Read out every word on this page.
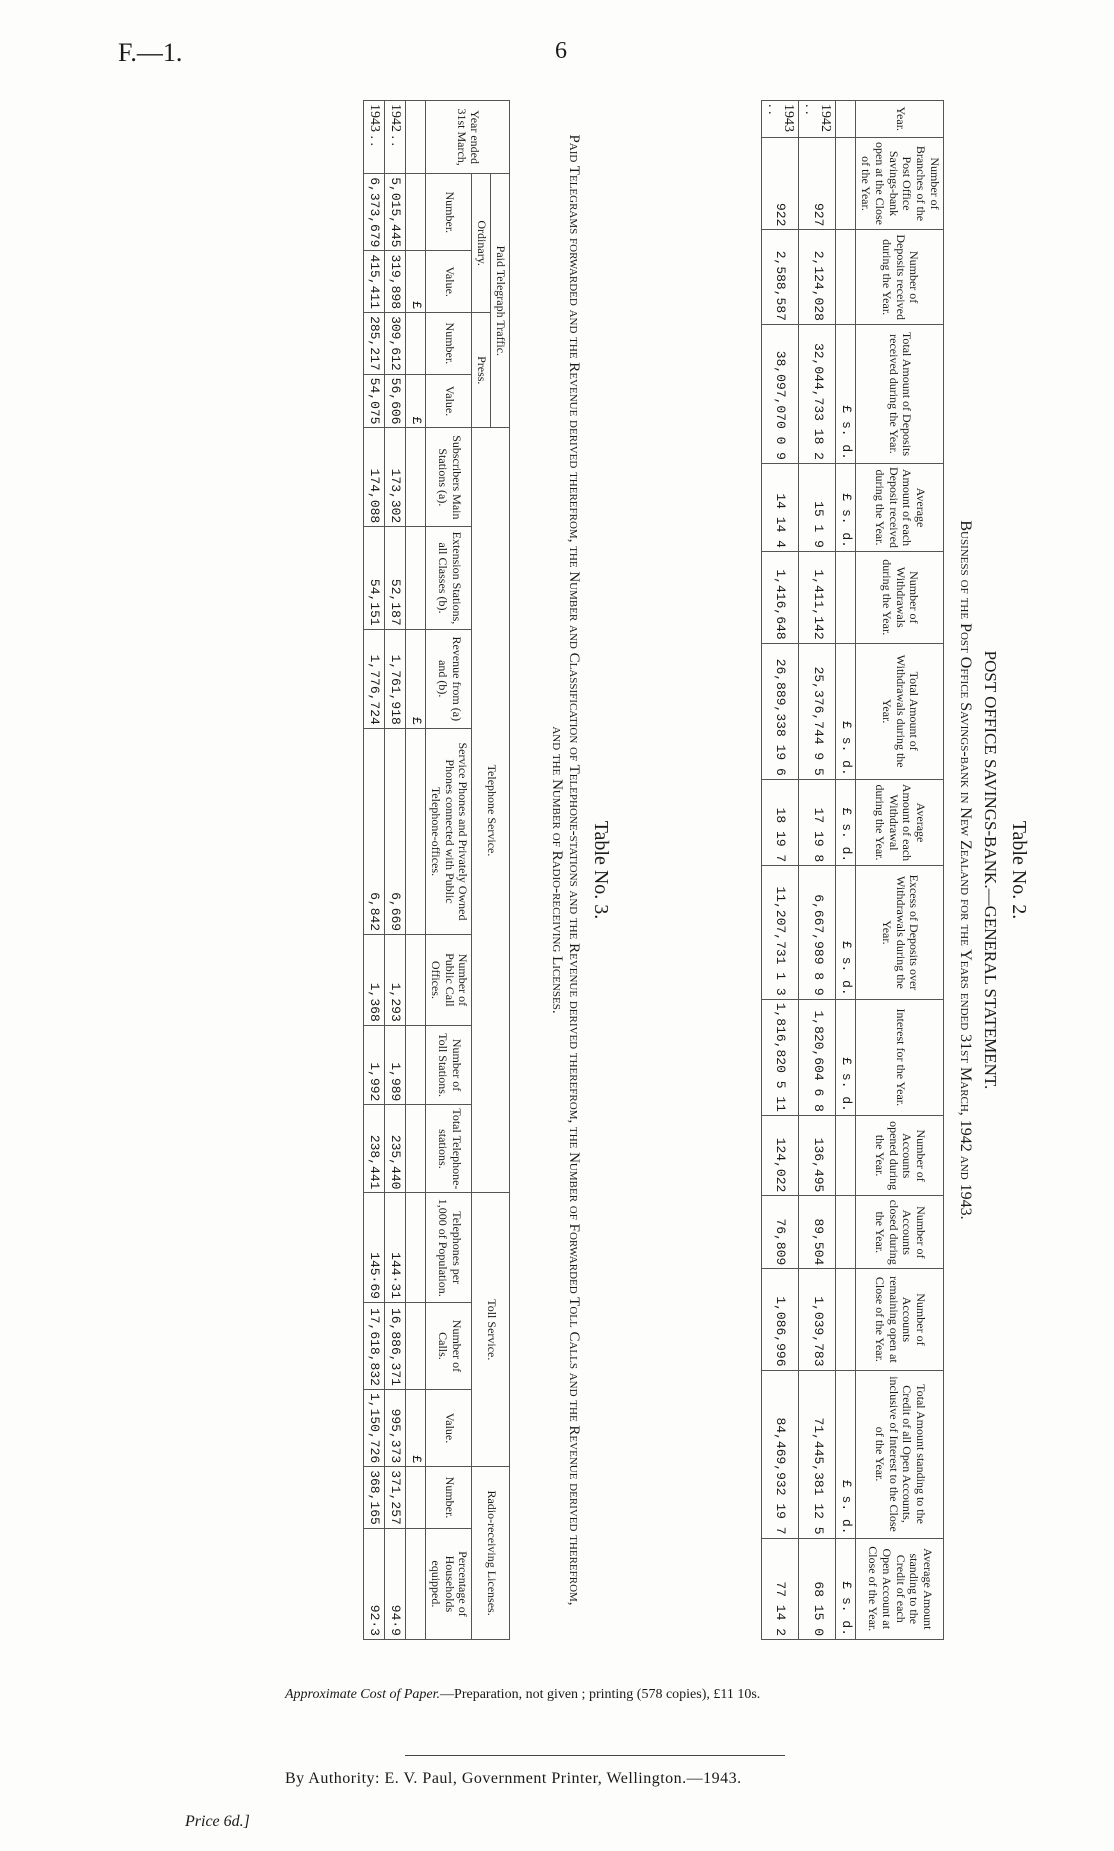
F.—1.	6
Table No. 2.
POST OFFICE SAVINGS-BANK.—GENERAL STATEMENT.
Business of the Post Office Savings-bank in New Zealand for the Years ended 31st March, 1942 and 1943.
Year.	Number of Branches of the Post Office Savings-bank open at the Close of the Year.	Number of Deposits received during the Year.	Total Amount of Deposits received during the Year.	Average Amount of each Deposit received during the Year.	Number of Withdrawals during the Year.	Total Amount of Withdrawals during the Year.	Average Amount of each Withdrawal during the Year.	Excess of Deposits over Withdrawals during the Year.	Interest for the Year.	Number of Accounts opened during the Year.	Number of Accounts closed during the Year.	Number of Accounts remaining open at Close of the Year.	Total Amount standing to the Credit of all Open Accounts, inclusive of Interest to the Close of the Year.	Average Amount standing to the Credit of each Open Account at Close of the Year.
			£ s. d.	£ s. d.		£ s. d.	£ s. d.	£ s. d.	£ s. d.				£ s. d.	£ s. d.
1942 . .	927	2,124,028	32,044,733 18 2	15 1 9	1,411,142	25,376,744 9 5	17 19 8	6,667,989 8 9	1,820,604 6 8	136,495	89,504	1,039,783	71,445,381 12 5	68 15 0
1943 . .	922	2,588,587	38,097,070 0 9	14 14 4	1,416,648	26,889,338 19 6	18 19 7	11,207,731 1 3	1,816,820 5 11	124,022	76,809	1,086,996	84,469,932 19 7	77 14 2
Table No. 3.
Paid Telegrams forwarded and the Revenue derived therefrom, the Number and Classification of Telephone-stations and the Revenue derived therefrom, the Number of Forwarded Toll Calls and the Revenue derived therefrom, and the Number of Radio-receiving Licenses.
Year ended 31st March,	Paid Telegraph Traffic.				Telephone Service.							Toll Service.			Radio-receiving Licenses.	
	Ordinary.		Press.													
	Number.	Value.	Number.	Value.	Subscribers Main Stations (a).	Extension Stations, all Classes (b).	Revenue from (a) and (b).	Service Phones and Privately Owned Phones connected with Public Telephone-offices.	Number of Public Call Offices.	Number of Toll Stations.	Total Telephone-stations.	Telephones per 1,000 of Population.	Number of Calls.	Value.	Number.	Percentage of Households equipped.
		£		£			£							£		
1942 . .	5,015,445	319,898	309,612	56,606	173,302	52,187	1,761,918	6,669	1,293	1,989	235,440	144·31	16,886,371	995,373	371,257	94·9
1943 . .	6,373,679	415,411	285,217	54,075	174,088	54,151	1,776,724	6,842	1,368	1,992	238,441	145·69	17,618,832	1,150,726	368,165	92·3
Approximate Cost of Paper.—Preparation, not given ; printing (578 copies), £11 10s.
By Authority: E. V. Paul, Government Printer, Wellington.—1943.
Price 6d.]
